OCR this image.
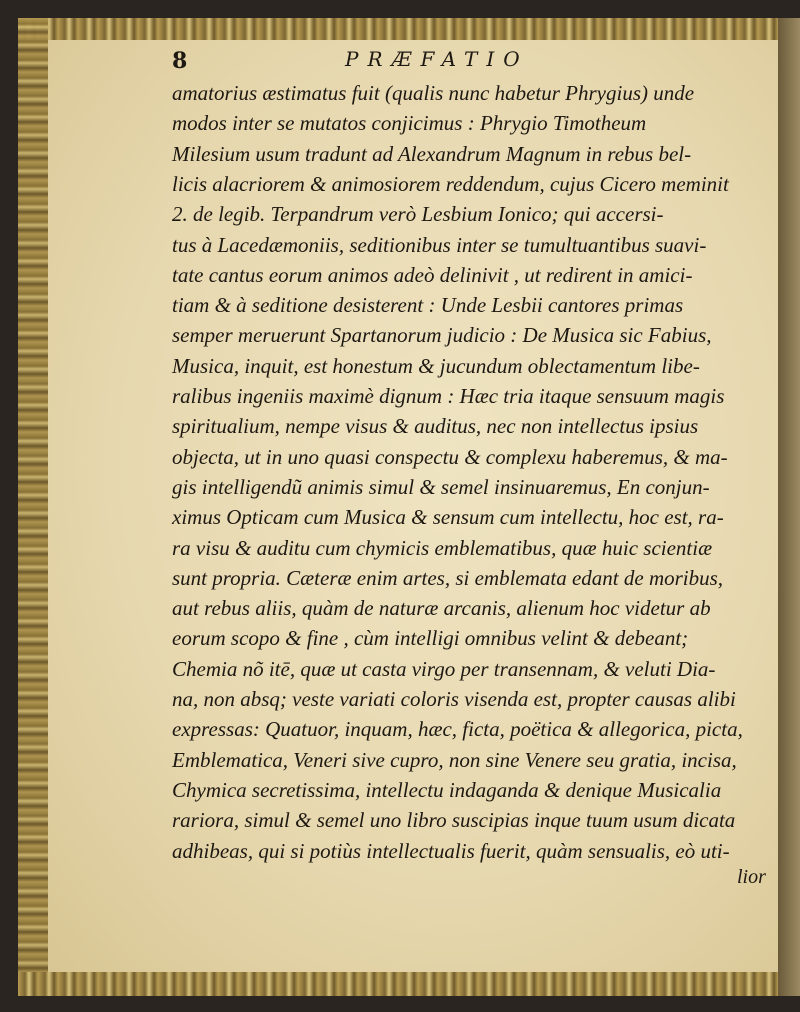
8	PRÆFATIO
amatorius æstimatus fuit (qualis nunc habetur Phrygius) unde
modos inter se mutatos conjicimus : Phrygio Timotheum
Milesium usum tradunt ad Alexandrum Magnum in rebus bel-
licis alacriorem & animosiorem reddendum, cujus Cicero meminit
2. de legib. Terpandrum verò Lesbium Ionico; qui accersi-
tus à Lacedæmoniis, seditionibus inter se tumultuantibus suavi-
tate cantus eorum animos adeò delinivit , ut redirent in amici-
tiam & à seditione desisterent : Unde Lesbii cantores primas
semper meruerunt Spartanorum judicio : De Musica sic Fabius,
Musica, inquit, est honestum & jucundum oblectamentum libe-
ralibus ingeniis maximè dignum : Hæc tria itaque sensuum magis
spiritualium, nempe visus & auditus, nec non intellectus ipsius
objecta, ut in uno quasi conspectu & complexu haberemus, & ma-
gis intelligendũ animis simul & semel insinuaremus, En conjun-
ximus Opticam cum Musica & sensum cum intellectu, hoc est, ra-
ra visu & auditu cum chymicis emblematibus, quæ huic scientiæ
sunt propria. Cæteræ enim artes, si emblemata edant de moribus,
aut rebus aliis, quàm de naturæ arcanis, alienum hoc videtur ab
eorum scopo & fine , cùm intelligi omnibus velint & debeant;
Chemia nõ itē, quæ ut casta virgo per transennam, & veluti Dia-
na, non absq; veste variati coloris visenda est, propter causas alibi
expressas: Quatuor, inquam, hæc, ficta, poëtica & allegorica, picta,
Emblematica, Veneri sive cupro, non sine Venere seu gratia, incisa,
Chymica secretissima, intellectu indaganda & denique Musicalia
rariora, simul & semel uno libro suscipias inque tuum usum dicata
adhibeas, qui si potiùs intellectualis fuerit, quàm sensualis, eò uti-
lior
